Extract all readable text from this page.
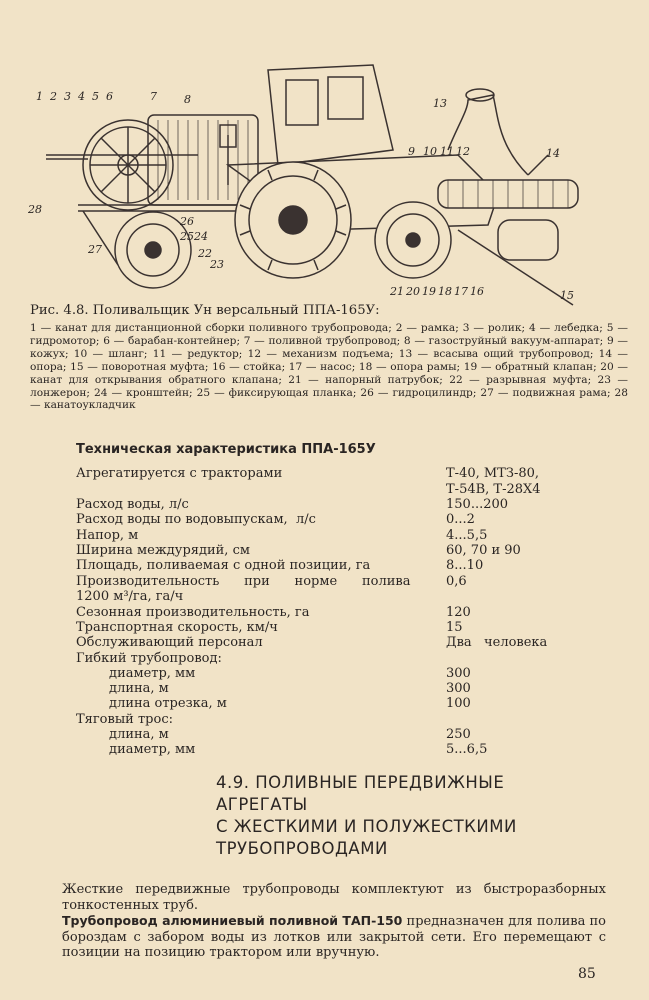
1 2 3 4 5 6	7 8	13
14
9 10 11 12
28
27
26
25 24
23
22
21 20 19 18 17 16	15
Рис. 4.8. Поливальщик Ун версальный ППА-165У:
1 — канат для дистанционной сборки поливного трубопровода; 2 — рамка; 3 — ролик; 4 — лебедка; 5 — гидромотор; 6 — барабан-контейнер; 7 — поливной трубопровод; 8 — газоструйный вакуум-аппарат; 9 — кожух; 10 — шланг; 11 — редуктор; 12 — механизм подъема; 13 — всасыва ощий трубопровод; 14 — опора; 15 — поворотная муфта; 16 — стойка; 17 — насос; 18 — опора рамы; 19 — обратный клапан; 20 — канат для открывания обратного клапана; 21 — напорный патрубок; 22 — разрывная муфта; 23 — лонжерон; 24 — кронштейн; 25 — фиксирующая планка; 26 — гидроцилиндр; 27 — подвижная рама; 28 — канатоукладчик
Техническая характеристика ППА-165У
Агрегатируется с тракторами	Т-40, МТЗ-80,
Т-54В, Т-28Х4
Расход воды, л/с	150...200
Расход воды по водовыпускам,  л/с	0...2
Напор, м	4...5,5
Ширина междурядий, см	60, 70 и 90
Площадь, поливаемая с одной позиции, га	8...10
Производительность      при      норме      полива	0,6
1200 м³/га, га/ч
Сезонная производительность, га	120
Транспортная скорость, км/ч	15
Обслуживающий персонал	Два   человека
Гибкий трубопровод:
диаметр, мм	300
длина, м	300
длина отрезка, м	100
Тяговый трос:
длина, м	250
диаметр, мм	5...6,5
4.9. ПОЛИВНЫЕ ПЕРЕДВИЖНЫЕ
АГРЕГАТЫ
С ЖЕСТКИМИ И ПОЛУЖЕСТКИМИ
ТРУБОПРОВОДАМИ
Жесткие передвижные трубопроводы комплектуют из быстроразборных тонкостенных труб.
Трубопровод алюминиевый поливной ТАП-150 предназначен для полива по бороздам с забором воды из лотков или закрытой сети. Его перемещают с позиции на позицию трактором или вручную.
85
